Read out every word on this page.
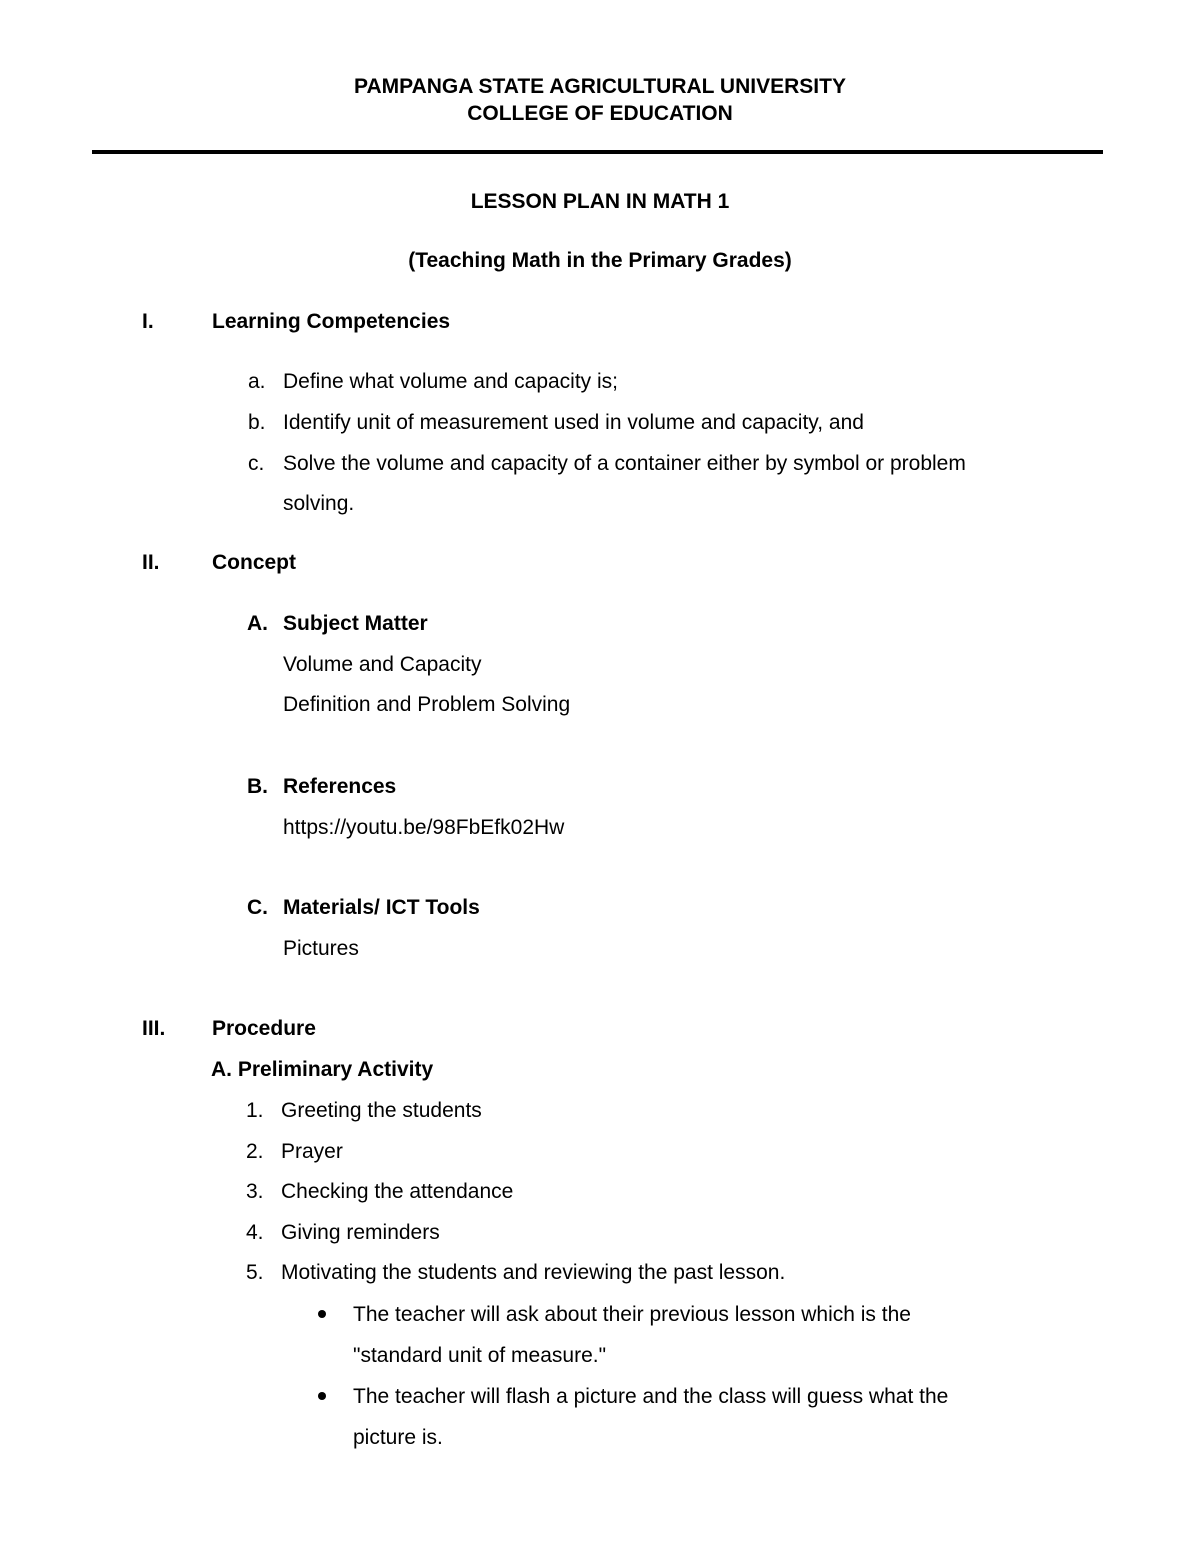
PAMPANGA STATE AGRICULTURAL UNIVERSITY
COLLEGE OF EDUCATION
LESSON PLAN IN MATH 1
(Teaching Math in the Primary Grades)
I.	Learning Competencies
a. Define what volume and capacity is;
b. Identify unit of measurement used in volume and capacity, and
c. Solve the volume and capacity of a container either by symbol or problem
solving.
II. Concept
A. Subject Matter
Volume and Capacity
Definition and Problem Solving
B. References
https://youtu.be/98FbEfk02Hw
C. Materials/ ICT Tools
Pictures
III. Procedure
A. Preliminary Activity
1. Greeting the students
2. Prayer
3. Checking the attendance
4. Giving reminders
5. Motivating the students and reviewing the past lesson.
The teacher will ask about their previous lesson which is the
"standard unit of measure."
The teacher will flash a picture and the class will guess what the
picture is.
